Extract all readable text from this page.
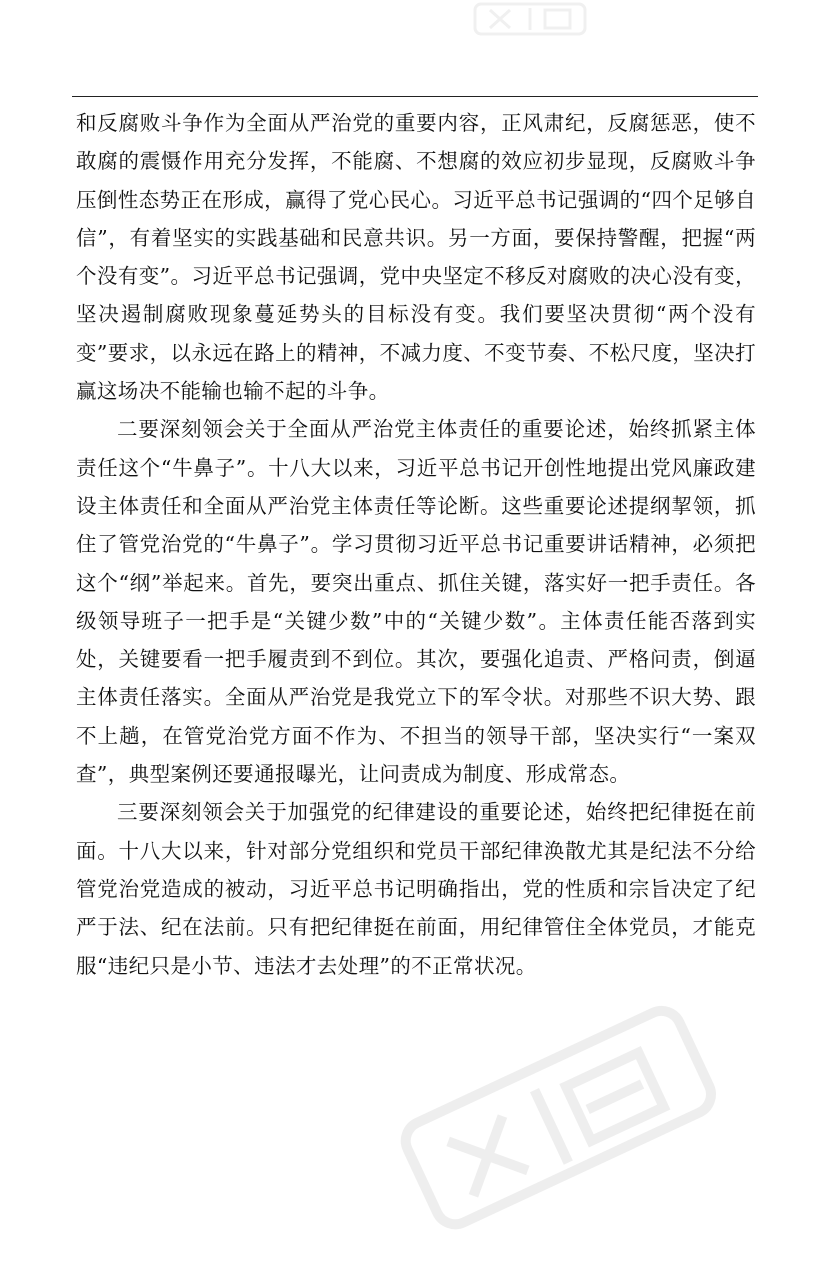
和反腐败斗争作为全面从严治党的重要内容，正风肃纪，反腐惩恶，使不敢腐的震慑作用充分发挥，不能腐、不想腐的效应初步显现，反腐败斗争压倒性态势正在形成，赢得了党心民心。习近平总书记强调的“四个足够自信”，有着坚实的实践基础和民意共识。另一方面，要保持警醒，把握“两个没有变”。习近平总书记强调，党中央坚定不移反对腐败的决心没有变，坚决遏制腐败现象蔓延势头的目标没有变。我们要坚决贯彻“两个没有变”要求，以永远在路上的精神，不减力度、不变节奏、不松尺度，坚决打赢这场决不能输也输不起的斗争。

二要深刻领会关于全面从严治党主体责任的重要论述，始终抓紧主体责任这个“牛鼻子”。十八大以来，习近平总书记开创性地提出党风廉政建设主体责任和全面从严治党主体责任等论断。这些重要论述提纲挈领，抓住了管党治党的“牛鼻子”。学习贯彻习近平总书记重要讲话精神，必须把这个“纲”举起来。首先，要突出重点、抓住关键，落实好一把手责任。各级领导班子一把手是“关键少数”中的“关键少数”。主体责任能否落到实处，关键要看一把手履责到不到位。其次，要强化追责、严格问责，倒逼主体责任落实。全面从严治党是我党立下的军令状。对那些不识大势、跟不上趟，在管党治党方面不作为、不担当的领导干部，坚决实行“一案双查”，典型案例还要通报曝光，让问责成为制度、形成常态。

三要深刻领会关于加强党的纪律建设的重要论述，始终把纪律挺在前面。十八大以来，针对部分党组织和党员干部纪律涣散尤其是纪法不分给管党治党造成的被动，习近平总书记明确指出，党的性质和宗旨决定了纪严于法、纪在法前。只有把纪律挺在前面，用纪律管住全体党员，才能克服“违纪只是小节、违法才去处理”的不正常状况。
